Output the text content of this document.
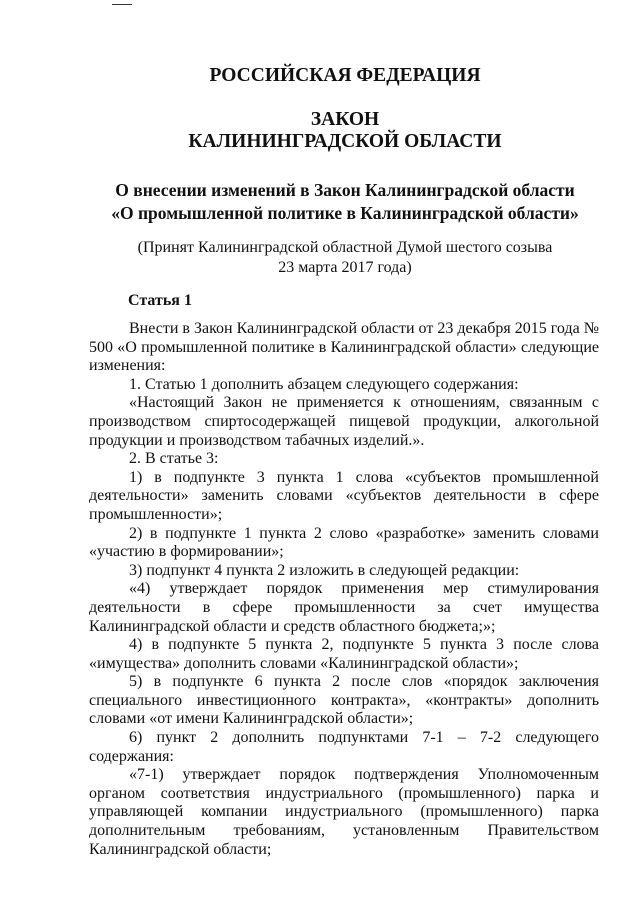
РОССИЙСКАЯ ФЕДЕРАЦИЯ
ЗАКОН
КАЛИНИНГРАДСКОЙ ОБЛАСТИ
О внесении изменений в Закон Калининградской области
«О промышленной политике в Калининградской области»
(Принят Калининградской областной Думой шестого созыва
23 марта 2017 года)
Статья 1

Внести в Закон Калининградской области от 23 декабря 2015 года № 500 «О промышленной политике в Калининградской области» следующие изменения:

1. Статью 1 дополнить абзацем следующего содержания:

«Настоящий Закон не применяется к отношениям, связанным с производством спиртосодержащей пищевой продукции, алкогольной продукции и производством табачных изделий.».

2. В статье 3:

1) в подпункте 3 пункта 1 слова «субъектов промышленной деятельности» заменить словами «субъектов деятельности в сфере промышленности»;

2) в подпункте 1 пункта 2 слово «разработке» заменить словами «участию в формировании»;

3) подпункт 4 пункта 2 изложить в следующей редакции:

«4) утверждает порядок применения мер стимулирования деятельности в сфере промышленности за счет имущества Калининградской области и средств областного бюджета;»;

4) в подпункте 5 пункта 2, подпункте 5 пункта 3 после слова «имущества» дополнить словами «Калининградской области»;

5) в подпункте 6 пункта 2 после слов «порядок заключения специального инвестиционного контракта», «контракты» дополнить словами «от имени Калининградской области»;

6) пункт 2 дополнить подпунктами 7-1 – 7-2 следующего содержания:

«7-1) утверждает порядок подтверждения Уполномоченным органом соответствия индустриального (промышленного) парка и управляющей компании индустриального (промышленного) парка дополнительным требованиям, установленным Правительством Калининградской области;
